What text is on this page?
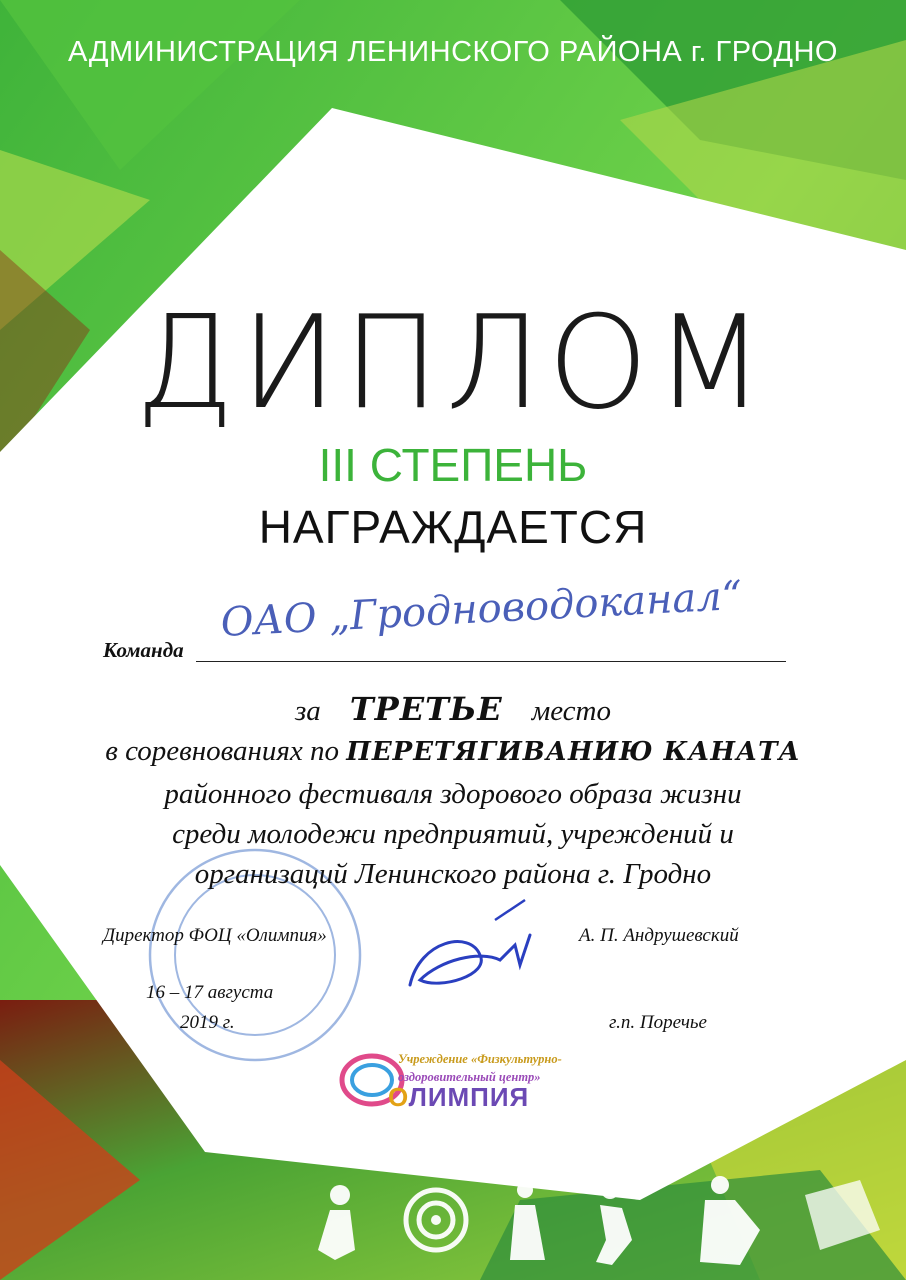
АДМИНИСТРАЦИЯ ЛЕНИНСКОГО РАЙОНА г. ГРОДНО
ДИПЛОМ
III СТЕПЕНЬ
НАГРАЖДАЕТСЯ
Команда
ОАО „Гродноводоканал“
за ТРЕТЬЕ место
в соревнованиях по ПЕРЕТЯГИВАНИЮ КАНАТА
районного фестиваля здорового образа жизни
среди молодежи предприятий, учреждений и
организаций Ленинского района г. Гродно
Директор ФОЦ «Олимпия»	А. П. Андрушевский
16 – 17 августа
2019 г.	г.п. Поречье
Учреждение «Физкультурно-
оздоровительный центр»
ОЛИМПИЯ
